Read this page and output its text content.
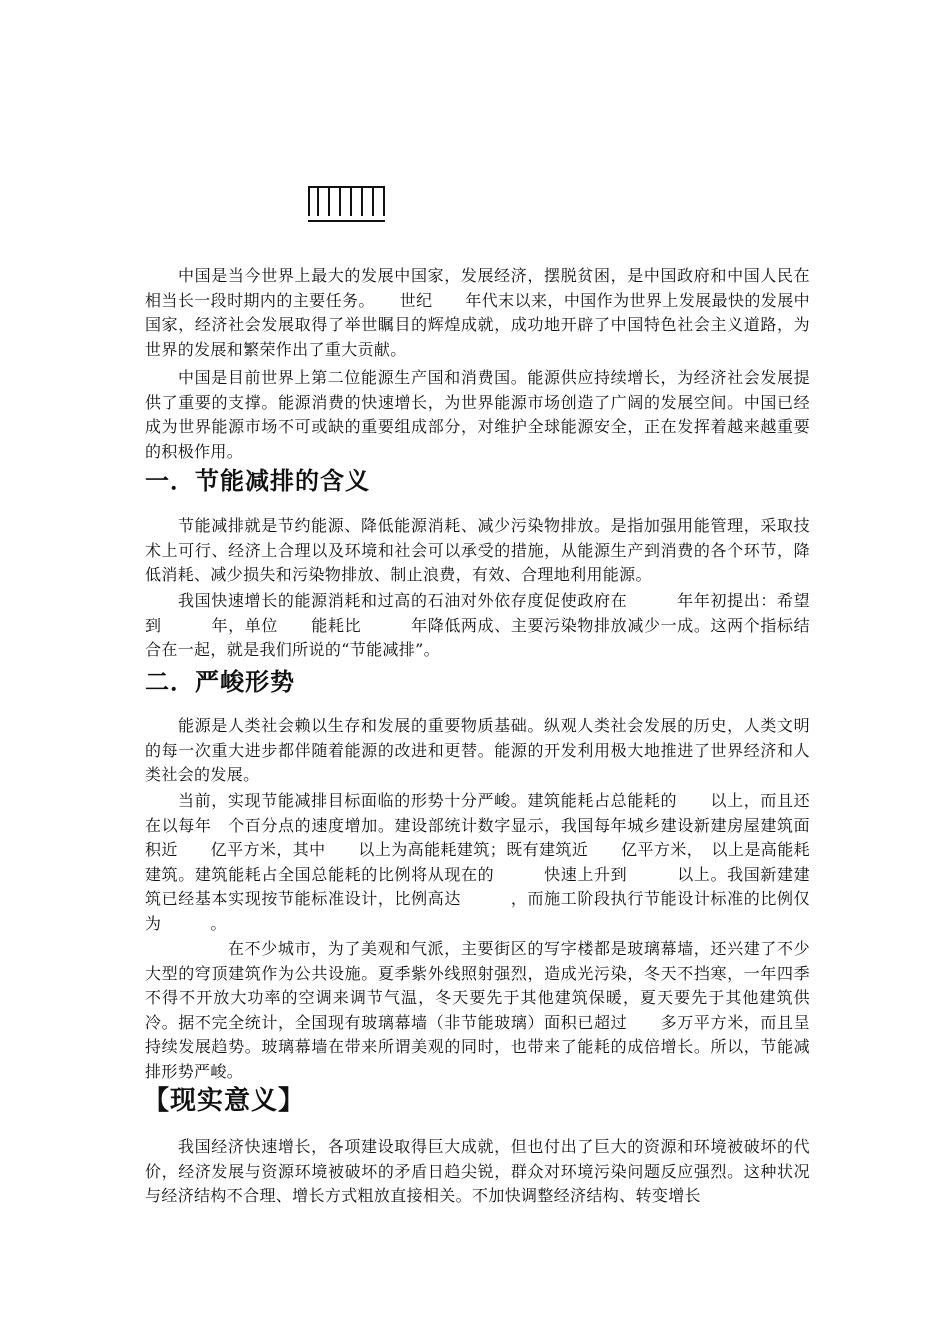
中国是当今世界上最大的发展中国家，发展经济，摆脱贫困，是中国政府和中国人民在相当长一段时期内的主要任务。　　世纪　　年代末以来，中国作为世界上发展最快的发展中国家，经济社会发展取得了举世瞩目的辉煌成就，成功地开辟了中国特色社会主义道路，为世界的发展和繁荣作出了重大贡献。

中国是目前世界上第二位能源生产国和消费国。能源供应持续增长，为经济社会发展提供了重要的支撑。能源消费的快速增长，为世界能源市场创造了广阔的发展空间。中国已经成为世界能源市场不可或缺的重要组成部分，对维护全球能源安全，正在发挥着越来越重要的积极作用。

一．节能减排的含义

节能减排就是节约能源、降低能源消耗、减少污染物排放。是指加强用能管理，采取技术上可行、经济上合理以及环境和社会可以承受的措施，从能源生产到消费的各个环节，降低消耗、减少损失和污染物排放、制止浪费，有效、合理地利用能源。

我国快速增长的能源消耗和过高的石油对外依存度促使政府在　　　年年初提出：希望到　　　年，单位　　能耗比　　　年降低两成、主要污染物排放减少一成。这两个指标结合在一起，就是我们所说的“节能减排”。

二．严峻形势

能源是人类社会赖以生存和发展的重要物质基础。纵观人类社会发展的历史，人类文明的每一次重大进步都伴随着能源的改进和更替。能源的开发利用极大地推进了世界经济和人类社会的发展。

当前，实现节能减排目标面临的形势十分严峻。建筑能耗占总能耗的　　以上，而且还在以每年　个百分点的速度增加。建设部统计数字显示，我国每年城乡建设新建房屋建筑面积近　　亿平方米，其中　　以上为高能耗建筑；既有建筑近　　亿平方米，　以上是高能耗建筑。建筑能耗占全国总能耗的比例将从现在的　　　快速上升到　　　以上。我国新建建筑已经基本实现按节能标准设计，比例高达　　　，而施工阶段执行节能设计标准的比例仅为　　　。

　　　在不少城市，为了美观和气派，主要街区的写字楼都是玻璃幕墙，还兴建了不少大型的穹顶建筑作为公共设施。夏季紫外线照射强烈，造成光污染，冬天不挡寒，一年四季不得不开放大功率的空调来调节气温，冬天要先于其他建筑保暖，夏天要先于其他建筑供冷。据不完全统计，全国现有玻璃幕墙（非节能玻璃）面积已超过　　多万平方米，而且呈持续发展趋势。玻璃幕墙在带来所谓美观的同时，也带来了能耗的成倍增长。所以，节能减排形势严峻。

【现实意义】

我国经济快速增长，各项建设取得巨大成就，但也付出了巨大的资源和环境被破坏的代价，经济发展与资源环境被破坏的矛盾日趋尖锐，群众对环境污染问题反应强烈。这种状况与经济结构不合理、增长方式粗放直接相关。不加快调整经济结构、转变增长
